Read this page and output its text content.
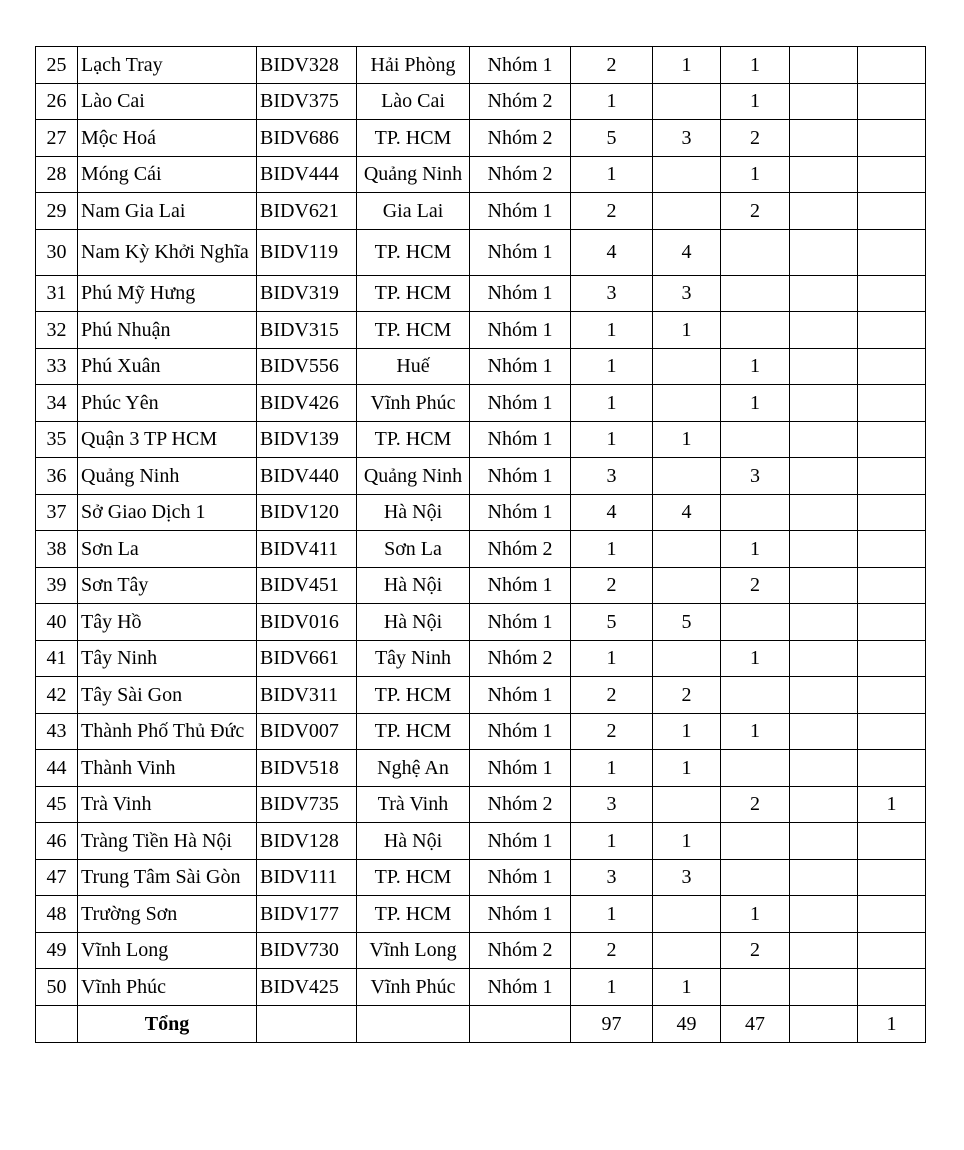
25	Lạch Tray	BIDV328	Hải Phòng	Nhóm 1	2	1	1		
26	Lào Cai	BIDV375	Lào Cai	Nhóm 2	1		1		
27	Mộc Hoá	BIDV686	TP. HCM	Nhóm 2	5	3	2		
28	Móng Cái	BIDV444	Quảng Ninh	Nhóm 2	1		1		
29	Nam Gia Lai	BIDV621	Gia Lai	Nhóm 1	2		2		
30	Nam Kỳ Khởi Nghĩa	BIDV119	TP. HCM	Nhóm 1	4	4			
31	Phú Mỹ Hưng	BIDV319	TP. HCM	Nhóm 1	3	3			
32	Phú Nhuận	BIDV315	TP. HCM	Nhóm 1	1	1			
33	Phú Xuân	BIDV556	Huế	Nhóm 1	1		1		
34	Phúc Yên	BIDV426	Vĩnh Phúc	Nhóm 1	1		1		
35	Quận 3 TP HCM	BIDV139	TP. HCM	Nhóm 1	1	1			
36	Quảng Ninh	BIDV440	Quảng Ninh	Nhóm 1	3		3		
37	Sở Giao Dịch 1	BIDV120	Hà Nội	Nhóm 1	4	4			
38	Sơn La	BIDV411	Sơn La	Nhóm 2	1		1		
39	Sơn Tây	BIDV451	Hà Nội	Nhóm 1	2		2		
40	Tây Hồ	BIDV016	Hà Nội	Nhóm 1	5	5			
41	Tây Ninh	BIDV661	Tây Ninh	Nhóm 2	1		1		
42	Tây Sài Gon	BIDV311	TP. HCM	Nhóm 1	2	2			
43	Thành Phố Thủ Đức	BIDV007	TP. HCM	Nhóm 1	2	1	1		
44	Thành Vinh	BIDV518	Nghệ An	Nhóm 1	1	1			
45	Trà Vinh	BIDV735	Trà Vinh	Nhóm 2	3		2		1
46	Tràng Tiền Hà Nội	BIDV128	Hà Nội	Nhóm 1	1	1			
47	Trung Tâm Sài Gòn	BIDV111	TP. HCM	Nhóm 1	3	3			
48	Trường Sơn	BIDV177	TP. HCM	Nhóm 1	1		1		
49	Vĩnh Long	BIDV730	Vĩnh Long	Nhóm 2	2		2		
50	Vĩnh Phúc	BIDV425	Vĩnh Phúc	Nhóm 1	1	1			
	Tổng				97	49	47		1
